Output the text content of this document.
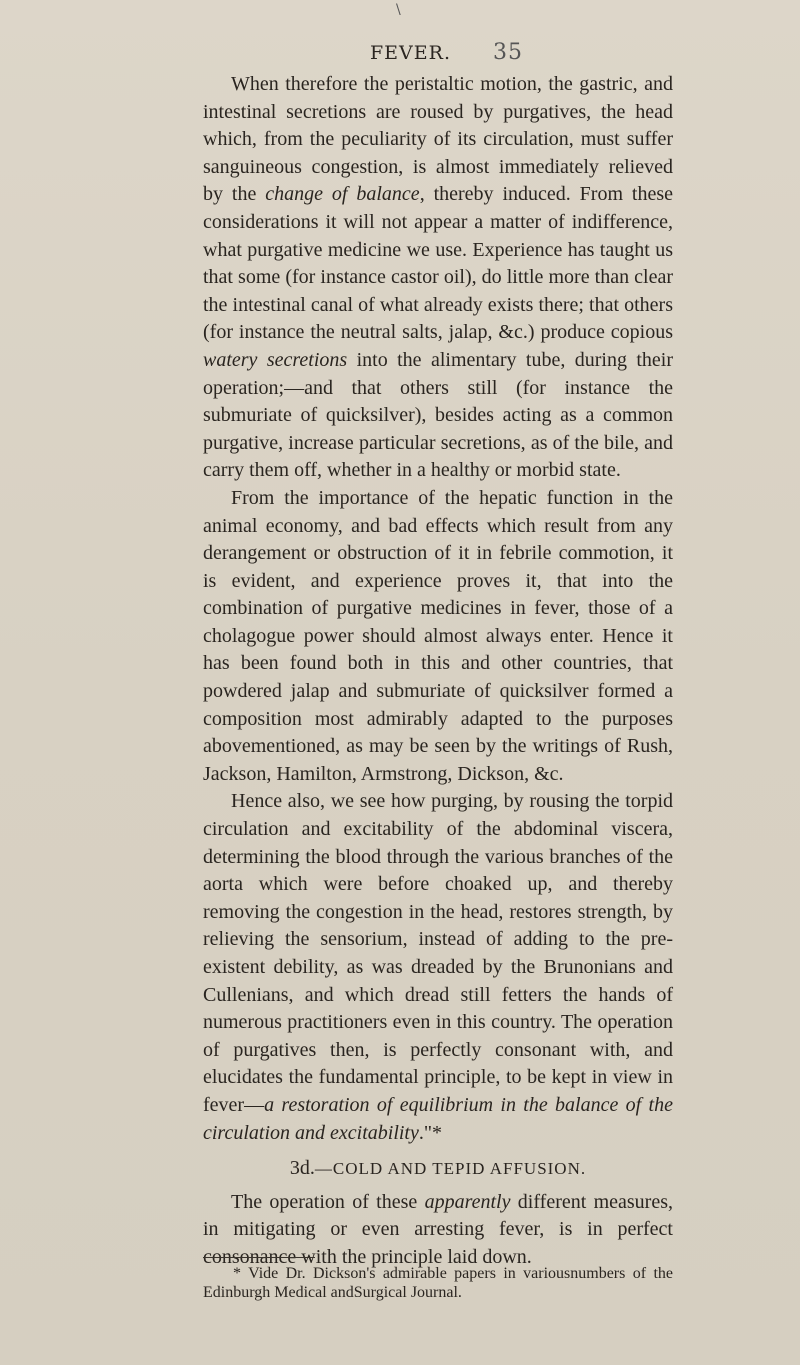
\
FEVER. 35

When therefore the peristaltic motion, the gastric, and intestinal secretions are roused by purgatives, the head which, from the peculiarity of its circulation, must suffer sanguineous congestion, is almost immediately relieved by the change of balance, thereby induced. From these considerations it will not appear a matter of indifference, what purgative medicine we use. Experience has taught us that some (for instance castor oil), do little more than clear the intestinal canal of what already exists there; that others (for instance the neutral salts, jalap, &c.) produce copious watery secretions into the alimentary tube, during their operation;—and that others still (for instance the submuriate of quicksilver), besides acting as a common purgative, increase particular secretions, as of the bile, and carry them off, whether in a healthy or morbid state.

From the importance of the hepatic function in the animal economy, and bad effects which result from any derangement or obstruction of it in febrile commotion, it is evident, and experience proves it, that into the combination of purgative medicines in fever, those of a cholagogue power should almost always enter. Hence it has been found both in this and other countries, that powdered jalap and submuriate of quicksilver formed a composition most admirably adapted to the purposes abovementioned, as may be seen by the writings of Rush, Jackson, Hamilton, Armstrong, Dickson, &c.

Hence also, we see how purging, by rousing the torpid circulation and excitability of the abdominal viscera, determining the blood through the various branches of the aorta which were before choaked up, and thereby removing the congestion in the head, restores strength, by relieving the sensorium, instead of adding to the pre-existent debility, as was dreaded by the Brunonians and Cullenians, and which dread still fetters the hands of numerous practitioners even in this country. The operation of purgatives then, is perfectly consonant with, and elucidates the fundamental principle, to be kept in view in fever—a restoration of equilibrium in the balance of the circulation and excitability."*

3d.—COLD AND TEPID AFFUSION.

The operation of these apparently different measures, in mitigating or even arresting fever, is in perfect consonance with the principle laid down.

* Vide Dr. Dickson's admirable papers in variousnumbers of the Edinburgh Medical andSurgical Journal.
